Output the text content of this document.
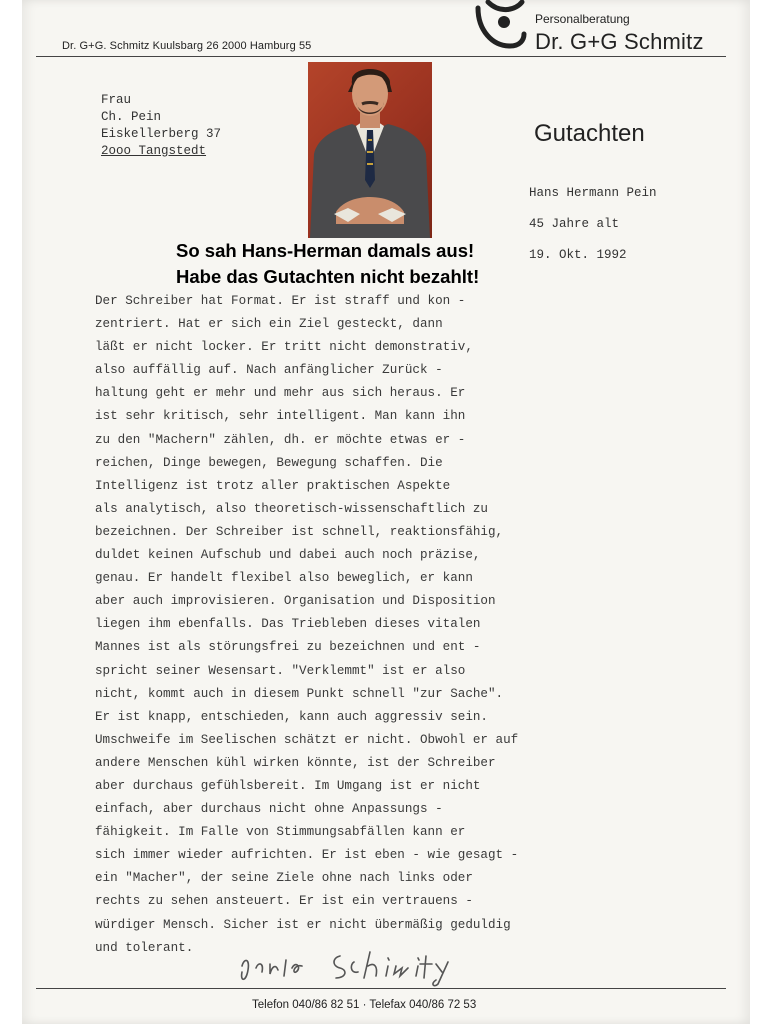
Personalberatung
Dr. G+G Schmitz
Dr. G+G. Schmitz Kuulsbarg 26 2000 Hamburg 55
Frau
Ch. Pein
Eiskellerberg 37
2ooo Tangstedt
Gutachten
Hans Hermann Pein
45 Jahre alt
19. Okt. 1992
So sah Hans-Herman damals aus!
Habe das Gutachten nicht bezahlt!
Der Schreiber hat Format. Er ist straff und kon -
zentriert. Hat er sich ein Ziel gesteckt, dann
läßt er nicht locker. Er tritt nicht demonstrativ,
also auffällig auf. Nach anfänglicher Zurück -
haltung geht er mehr und mehr aus sich heraus. Er
ist sehr kritisch, sehr intelligent. Man kann ihn
zu den "Machern" zählen, dh. er möchte etwas er -
reichen, Dinge bewegen, Bewegung schaffen. Die
Intelligenz ist trotz aller praktischen Aspekte
als analytisch, also theoretisch-wissenschaftlich zu
bezeichnen. Der Schreiber ist schnell, reaktionsfähig,
duldet keinen Aufschub und dabei auch noch präzise,
genau. Er handelt flexibel also beweglich, er kann
aber auch improvisieren. Organisation und Disposition
liegen ihm ebenfalls. Das Triebleben dieses vitalen
Mannes ist als störungsfrei zu bezeichnen und ent -
spricht seiner Wesensart. "Verklemmt" ist er also
nicht, kommt auch in diesem Punkt schnell "zur Sache".
Er ist knapp, entschieden, kann auch aggressiv sein.
Umschweife im Seelischen schätzt er nicht. Obwohl er auf
andere Menschen kühl wirken könnte, ist der Schreiber
aber durchaus gefühlsbereit. Im Umgang ist er nicht
einfach, aber durchaus nicht ohne Anpassungs -
fähigkeit. Im Falle von Stimmungsabfällen kann er
sich immer wieder aufrichten. Er ist eben - wie gesagt -
ein "Macher", der seine Ziele ohne nach links oder
rechts zu sehen ansteuert. Er ist ein vertrauens -
würdiger Mensch. Sicher ist er nicht übermäßig geduldig
und tolerant.
Telefon 040/86 82 51 · Telefax 040/86 72 53
